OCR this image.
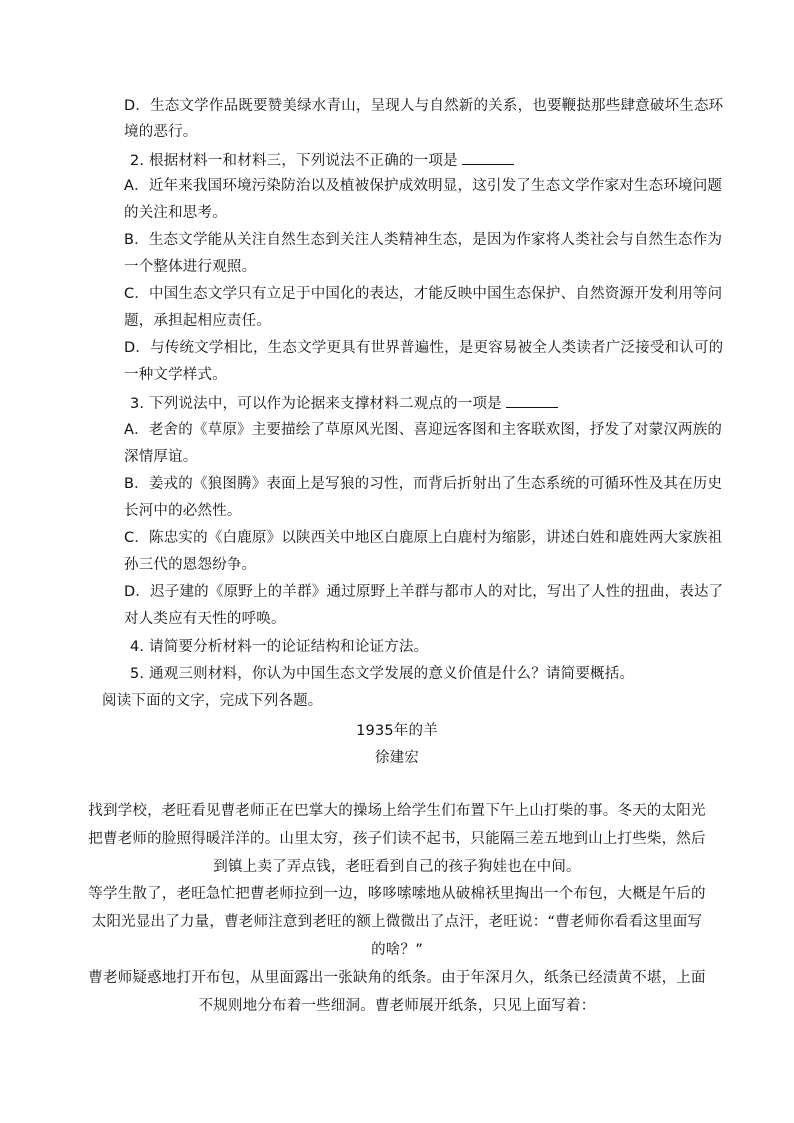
D．生态文学作品既要赞美绿水青山，呈现人与自然新的关系，也要鞭挞那些肆意破坏生态环
境的恶行。
2. 根据材料一和材料三，下列说法不正确的一项是
A．近年来我国环境污染防治以及植被保护成效明显，这引发了生态文学作家对生态环境问题
的关注和思考。
B．生态文学能从关注自然生态到关注人类精神生态，是因为作家将人类社会与自然生态作为
一个整体进行观照。
C．中国生态文学只有立足于中国化的表达，才能反映中国生态保护、自然资源开发利用等问
题，承担起相应责任。
D．与传统文学相比，生态文学更具有世界普遍性，是更容易被全人类读者广泛接受和认可的
一种文学样式。
3. 下列说法中，可以作为论据来支撑材料二观点的一项是
A．老舍的《草原》主要描绘了草原风光图、喜迎远客图和主客联欢图，抒发了对蒙汉两族的
深情厚谊。
B．姜戎的《狼图腾》表面上是写狼的习性，而背后折射出了生态系统的可循环性及其在历史
长河中的必然性。
C．陈忠实的《白鹿原》以陕西关中地区白鹿原上白鹿村为缩影，讲述白姓和鹿姓两大家族祖
孙三代的恩怨纷争。
D．迟子建的《原野上的羊群》通过原野上羊群与都市人的对比，写出了人性的扭曲，表达了
对人类应有天性的呼唤。
4. 请简要分析材料一的论证结构和论证方法。
5. 通观三则材料，你认为中国生态文学发展的意义价值是什么？请简要概括。
阅读下面的文字，完成下列各题。
1935年的羊
徐建宏
找到学校，老旺看见曹老师正在巴掌大的操场上给学生们布置下午上山打柴的事。冬天的太阳光
把曹老师的脸照得暖洋洋的。山里太穷，孩子们读不起书，只能隔三差五地到山上打些柴，然后
到镇上卖了弄点钱，老旺看到自己的孩子狗娃也在中间。
等学生散了，老旺急忙把曹老师拉到一边，哆哆嗦嗦地从破棉袄里掏出一个布包，大概是午后的
太阳光显出了力量，曹老师注意到老旺的额上微微出了点汗，老旺说：“曹老师你看看这里面写
的啥？”
曹老师疑惑地打开布包，从里面露出一张缺角的纸条。由于年深月久，纸条已经渍黄不堪，上面
不规则地分布着一些细洞。曹老师展开纸条，只见上面写着：
